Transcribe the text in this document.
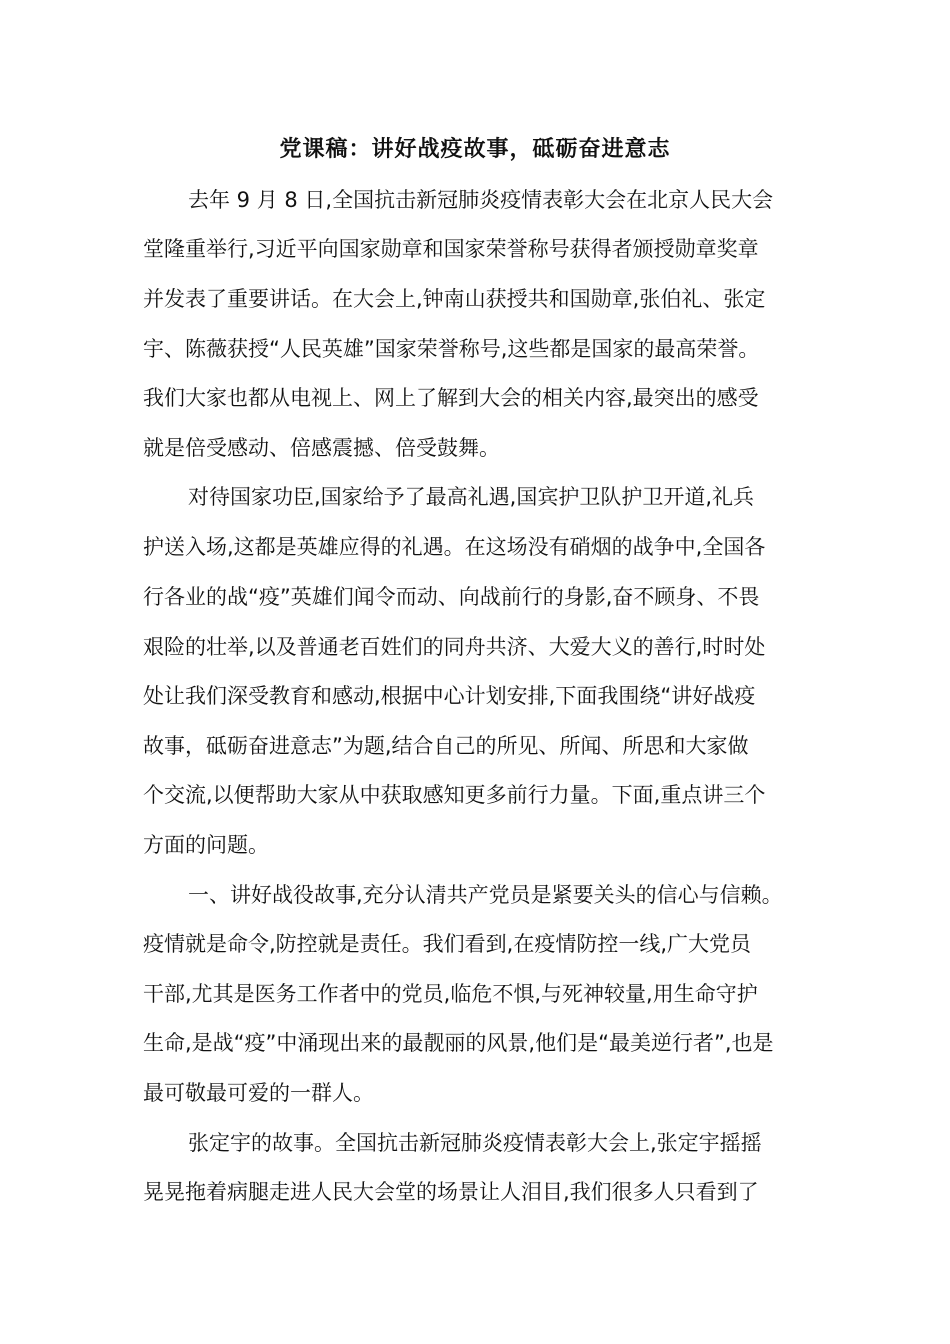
党课稿：讲好战疫故事，砥砺奋进意志
去年 9 月 8 日,全国抗击新冠肺炎疫情表彰大会在北京人民大会
堂隆重举行,习近平向国家勋章和国家荣誉称号获得者颁授勋章奖章
并发表了重要讲话。在大会上,钟南山获授共和国勋章,张伯礼、张定
宇、陈薇获授“人民英雄”国家荣誉称号,这些都是国家的最高荣誉。
我们大家也都从电视上、网上了解到大会的相关内容,最突出的感受
就是倍受感动、倍感震撼、倍受鼓舞。
对待国家功臣,国家给予了最高礼遇,国宾护卫队护卫开道,礼兵
护送入场,这都是英雄应得的礼遇。在这场没有硝烟的战争中,全国各
行各业的战“疫”英雄们闻令而动、向战前行的身影,奋不顾身、不畏
艰险的壮举,以及普通老百姓们的同舟共济、大爱大义的善行,时时处
处让我们深受教育和感动,根据中心计划安排,下面我围绕“讲好战疫
故事，砥砺奋进意志”为题,结合自己的所见、所闻、所思和大家做
个交流,以便帮助大家从中获取感知更多前行力量。下面,重点讲三个
方面的问题。
一、讲好战役故事,充分认清共产党员是紧要关头的信心与信赖。
疫情就是命令,防控就是责任。我们看到,在疫情防控一线,广大党员
干部,尤其是医务工作者中的党员,临危不惧,与死神较量,用生命守护
生命,是战“疫”中涌现出来的最靓丽的风景,他们是“最美逆行者”,也是
最可敬最可爱的一群人。
张定宇的故事。全国抗击新冠肺炎疫情表彰大会上,张定宇摇摇
晃晃拖着病腿走进人民大会堂的场景让人泪目,我们很多人只看到了
